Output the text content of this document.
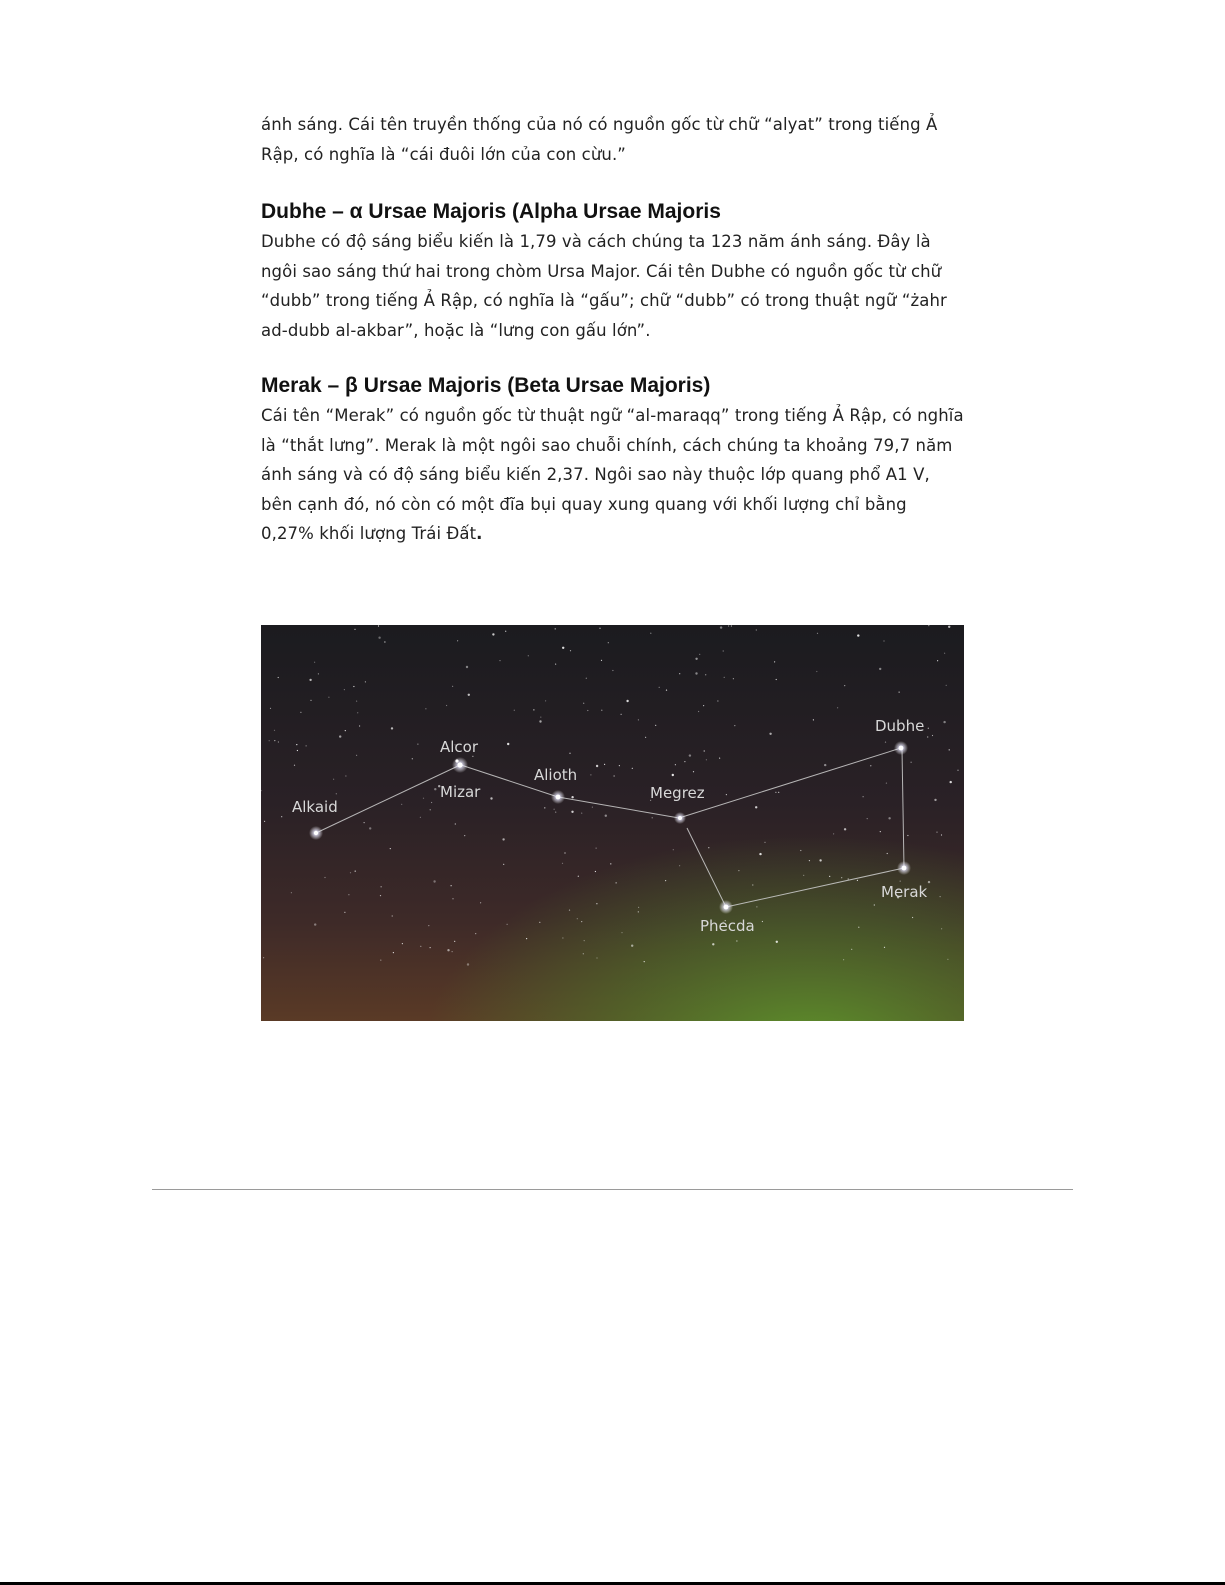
ánh sáng. Cái tên truyền thống của nó có nguồn gốc từ chữ “alyat” trong tiếng Ả Rập, có nghĩa là “cái đuôi lớn của con cừu.”

Dubhe – α Ursae Majoris (Alpha Ursae Majoris

Dubhe có độ sáng biểu kiến là 1,79 và cách chúng ta 123 năm ánh sáng. Đây là ngôi sao sáng thứ hai trong chòm Ursa Major. Cái tên Dubhe có nguồn gốc từ chữ “dubb” trong tiếng Ả Rập, có nghĩa là “gấu”; chữ “dubb” có trong thuật ngữ “żahr ad-dubb al-akbar”, hoặc là “lưng con gấu lớn”.

Merak – β Ursae Majoris (Beta Ursae Majoris)

Cái tên “Merak” có nguồn gốc từ thuật ngữ “al-maraqq” trong tiếng Ả Rập, có nghĩa là “thắt lưng”. Merak là một ngôi sao chuỗi chính, cách chúng ta khoảng 79,7 năm ánh sáng và có độ sáng biểu kiến 2,37. Ngôi sao này thuộc lớp quang phổ A1 V, bên cạnh đó, nó còn có một đĩa bụi quay xung quang với khối lượng chỉ bằng 0,27% khối lượng Trái Đất.

Dubhe
Alcor
Alioth
Mizar	Megrez
Alkaid
Merak
Phecda
